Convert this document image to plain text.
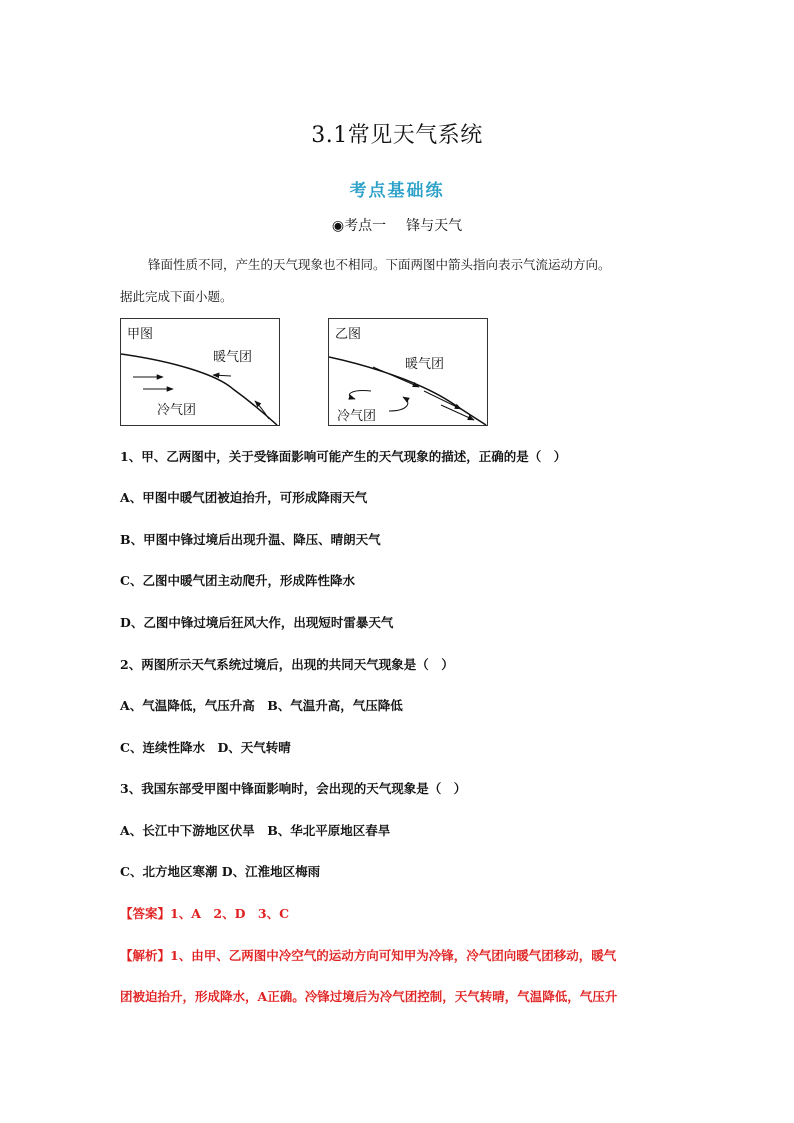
3.1常见天气系统
考点基础练
◉考点一 锋与天气
锋面性质不同，产生的天气现象也不相同。下面两图中箭头指向表示气流运动方向。
据此完成下面小题。
甲图
暖气团
冷气团
乙图
暖气团
冷气团
1、甲、乙两图中，关于受锋面影响可能产生的天气现象的描述，正确的是（　）
A、甲图中暖气团被迫抬升，可形成降雨天气
B、甲图中锋过境后出现升温、降压、晴朗天气
C、乙图中暖气团主动爬升，形成阵性降水
D、乙图中锋过境后狂风大作，出现短时雷暴天气
2、两图所示天气系统过境后，出现的共同天气现象是（　）
A、气温降低，气压升高　B、气温升高，气压降低
C、连续性降水　D、天气转晴
3、我国东部受甲图中锋面影响时，会出现的天气现象是（　）
A、长江中下游地区伏旱　B、华北平原地区春旱
C、北方地区寒潮 D、江淮地区梅雨
【答案】1、A　2、D　3、C
【解析】1、由甲、乙两图中冷空气的运动方向可知甲为冷锋，冷气团向暖气团移动，暖气
团被迫抬升，形成降水，A正确。冷锋过境后为冷气团控制，天气转晴，气温降低，气压升
